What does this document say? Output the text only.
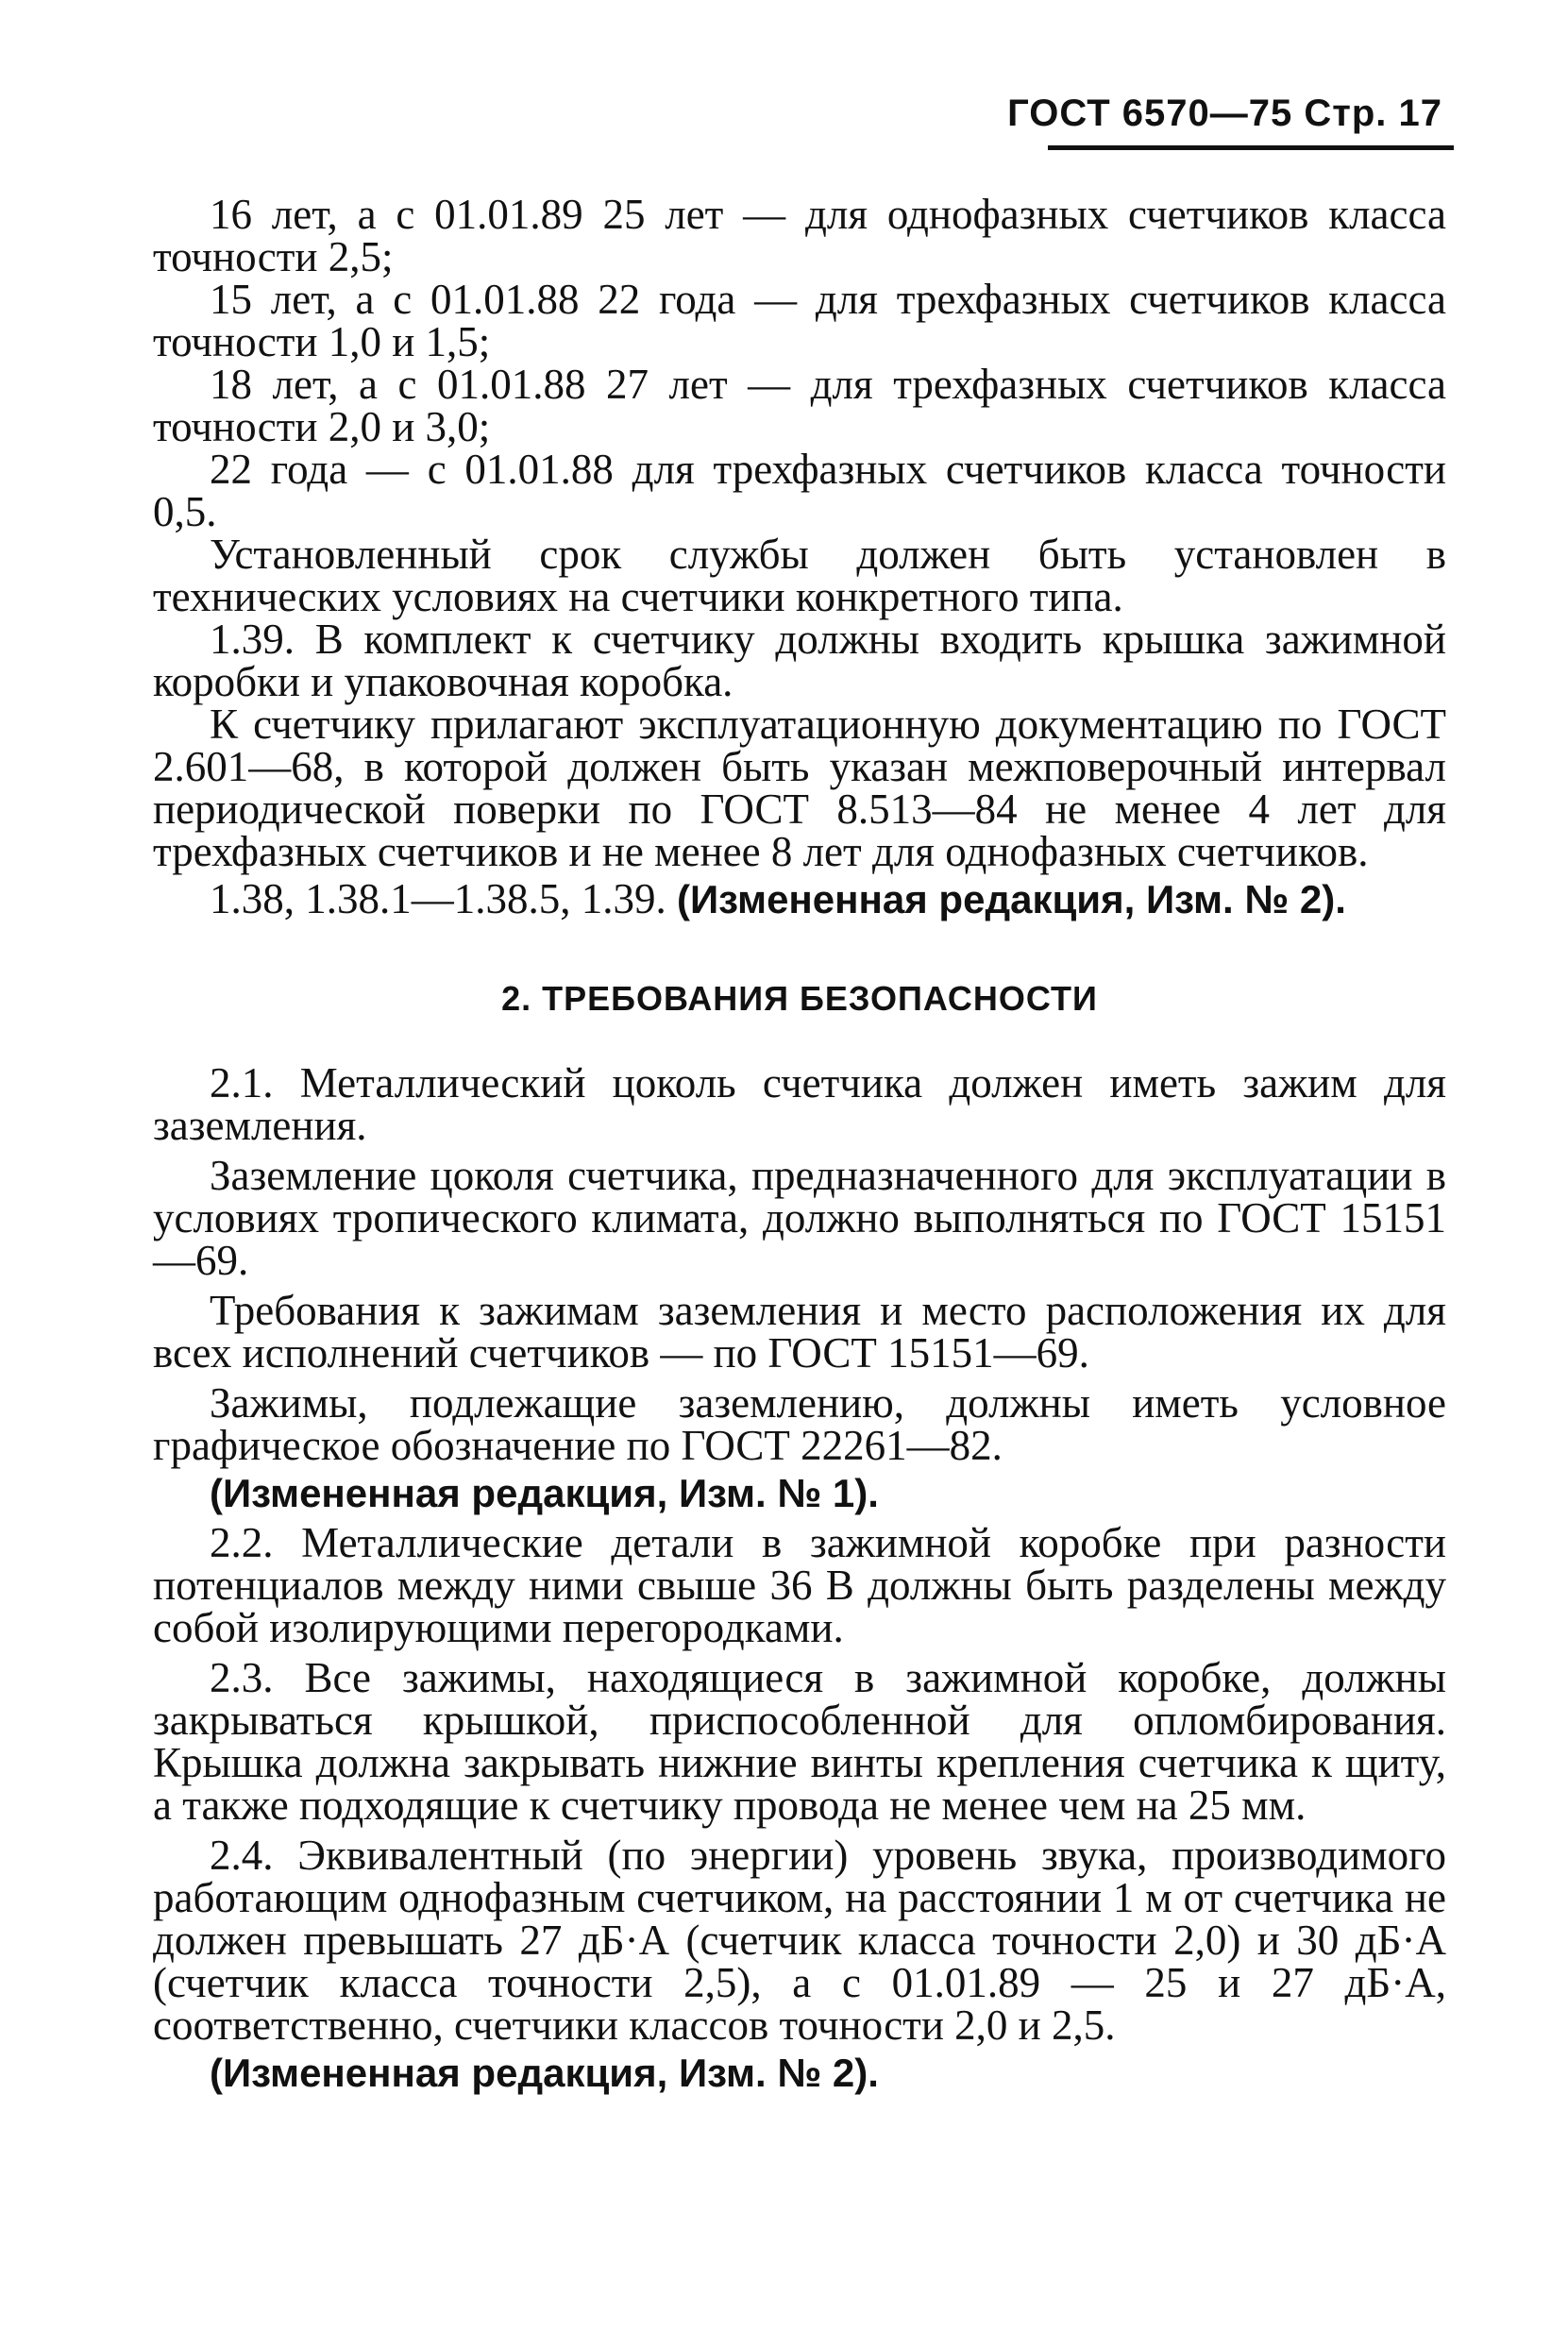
ГОСТ 6570—75 Стр. 17

16 лет, а с 01.01.89 25 лет — для однофазных счетчиков класса точности 2,5;

15 лет, а с 01.01.88 22 года — для трехфазных счетчиков класса точности 1,0 и 1,5;

18 лет, а с 01.01.88 27 лет — для трехфазных счетчиков класса точности 2,0 и 3,0;

22 года — с 01.01.88 для трехфазных счетчиков класса точности 0,5.

Установленный срок службы должен быть установлен в технических условиях на счетчики конкретного типа.

1.39. В комплект к счетчику должны входить крышка зажимной коробки и упаковочная коробка.

К счетчику прилагают эксплуатационную документацию по ГОСТ 2.601—68, в которой должен быть указан межповерочный интервал периодической поверки по ГОСТ 8.513—84 не менее 4 лет для трехфазных счетчиков и не менее 8 лет для однофазных счетчиков.

1.38, 1.38.1—1.38.5, 1.39. (Измененная редакция, Изм. № 2).

2. ТРЕБОВАНИЯ БЕЗОПАСНОСТИ

2.1. Металлический цоколь счетчика должен иметь зажим для заземления.

Заземление цоколя счетчика, предназначенного для эксплуатации в условиях тропического климата, должно выполняться по ГОСТ 15151—69.

Требования к зажимам заземления и место расположения их для всех исполнений счетчиков — по ГОСТ 15151—69.

Зажимы, подлежащие заземлению, должны иметь условное графическое обозначение по ГОСТ 22261—82.

(Измененная редакция, Изм. № 1).

2.2. Металлические детали в зажимной коробке при разности потенциалов между ними свыше 36 В должны быть разделены между собой изолирующими перегородками.

2.3. Все зажимы, находящиеся в зажимной коробке, должны закрываться крышкой, приспособленной для опломбирования. Крышка должна закрывать нижние винты крепления счетчика к щиту, а также подходящие к счетчику провода не менее чем на 25 мм.

2.4. Эквивалентный (по энергии) уровень звука, производимого работающим однофазным счетчиком, на расстоянии 1 м от счетчика не должен превышать 27 дБ·А (счетчик класса точности 2,0) и 30 дБ·А (счетчик класса точности 2,5), а с 01.01.89 — 25 и 27 дБ·А, соответственно, счетчики классов точности 2,0 и 2,5.

(Измененная редакция, Изм. № 2).
